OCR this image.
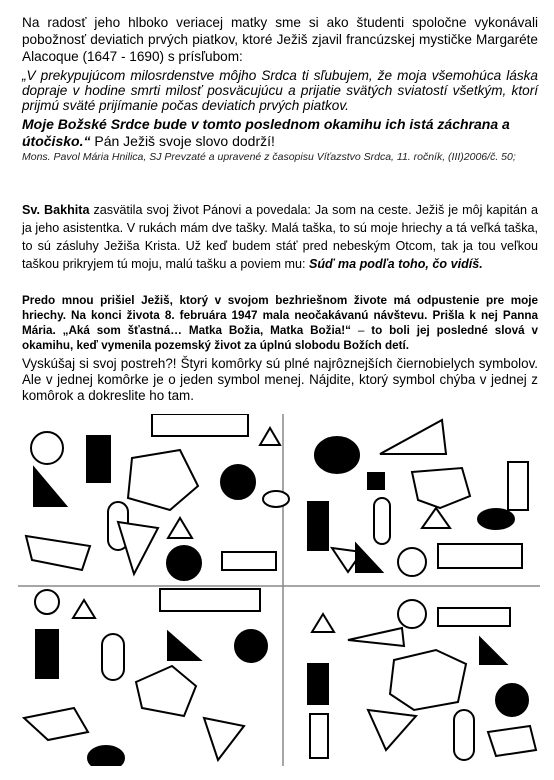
Na radosť jeho hlboko veriacej matky sme si ako študenti spoločne vykonávali pobožnosť deviatich prvých piatkov, ktoré Ježiš zjavil francúzskej mystičke Margaréte Alacoque (1647 - 1690) s prísľubom:

„V prekypujúcom milosrdenstve môjho Srdca ti sľubujem, že moja všemohúca láska dopraje v hodine smrti milosť posväcujúcu a prijatie svätých sviatostí všetkým, ktorí prijmú sväté prijímanie počas deviatich prvých piatkov.

Moje Božské Srdce bude v tomto poslednom okamihu ich istá záchrana a útočisko.“ Pán Ježiš svoje slovo dodrží!

Mons. Pavol Mária Hnilica, SJ Prevzaté a upravené z časopisu Víťazstvo Srdca, 11. ročník, (III)2006/č. 50;

Sv. Bakhita zasvätila svoj život Pánovi a povedala: Ja som na ceste. Ježiš je môj kapitán a ja jeho asistentka. V rukách mám dve tašky. Malá taška, to sú moje hriechy a tá veľká taška, to sú zásluhy Ježiša Krista. Už keď budem stáť pred nebeským Otcom, tak ja tou veľkou taškou prikryjem tú moju, malú tašku a poviem mu: Súď ma podľa toho, čo vidíš.

Predo mnou prišiel Ježiš, ktorý v svojom bezhriešnom živote má odpustenie pre moje hriechy. Na konci života 8. februára 1947 mala neočakávanú návštevu. Prišla k nej Panna Mária. „Aká som šťastná… Matka Božia, Matka Božia!“ – to boli jej posledné slová v okamihu, keď vymenila pozemský život za úplnú slobodu Božích detí.

Vyskúšaj si svoj postreh?! Štyri komôrky sú plné najrôznejších čiernobielych symbolov. Ale v jednej komôrke je o jeden symbol menej. Nájdite, ktorý symbol chýba v jednej z komôrok a dokreslite ho tam.
